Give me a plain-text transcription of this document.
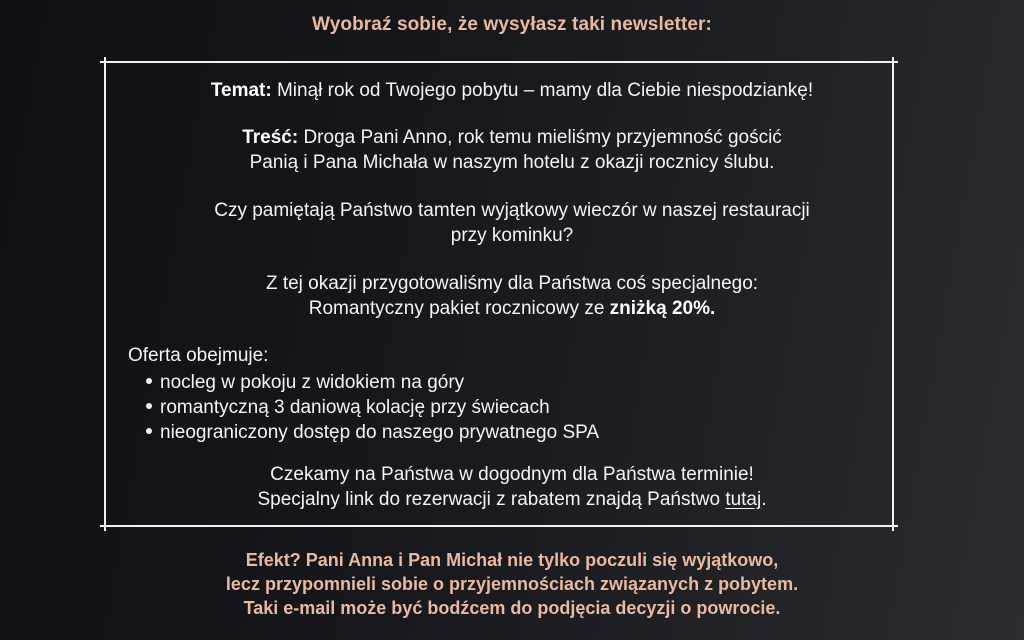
Wyobraź sobie, że wysyłasz taki newsletter:
Temat: Minął rok od Twojego pobytu – mamy dla Ciebie niespodziankę!
Treść: Droga Pani Anno, rok temu mieliśmy przyjemność gościć
Panią i Pana Michała w naszym hotelu z okazji rocznicy ślubu.
Czy pamiętają Państwo tamten wyjątkowy wieczór w naszej restauracji
przy kominku?
Z tej okazji przygotowaliśmy dla Państwa coś specjalnego:
Romantyczny pakiet rocznicowy ze zniżką 20%.
Oferta obejmuje:
nocleg w pokoju z widokiem na góry
romantyczną 3 daniową kolację przy świecach
nieograniczony dostęp do naszego prywatnego SPA
Czekamy na Państwa w dogodnym dla Państwa terminie!
Specjalny link do rezerwacji z rabatem znajdą Państwo tutaj.
Efekt? Pani Anna i Pan Michał nie tylko poczuli się wyjątkowo,
lecz przypomnieli sobie o przyjemnościach związanych z pobytem.
Taki e-mail może być bodźcem do podjęcia decyzji o powrocie.
